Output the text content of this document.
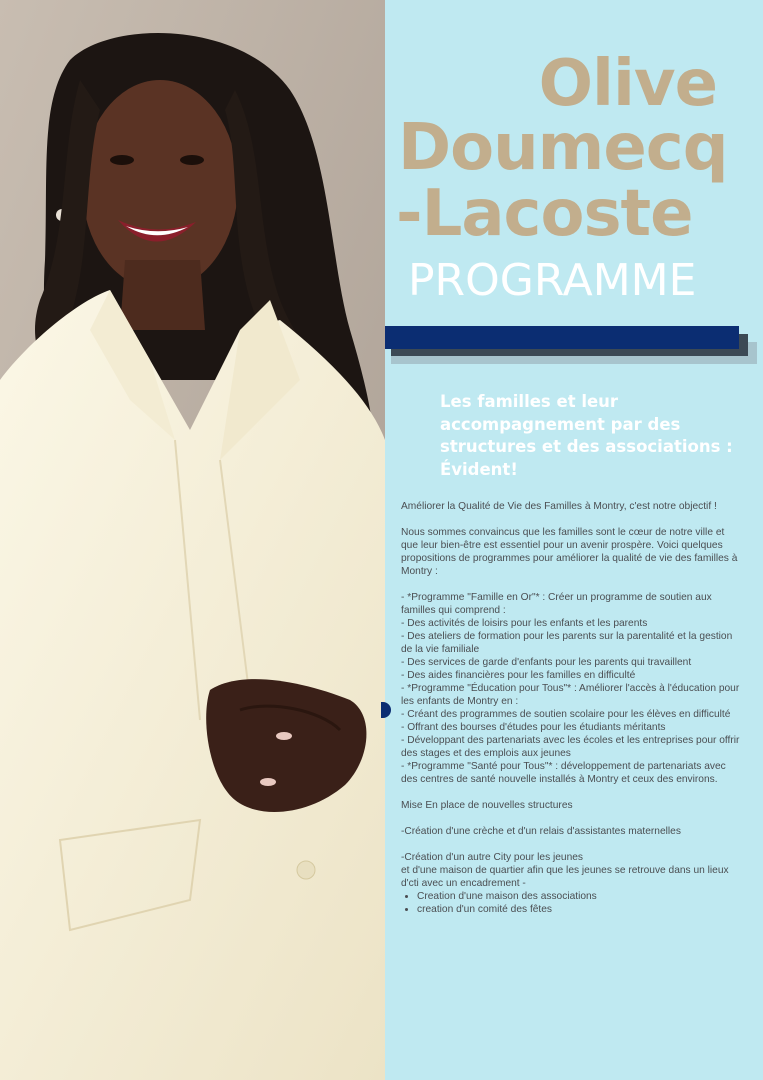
Olive
Doumecq
-Lacoste
PROGRAMME
Les familles et leur accompagnement par des structures et des associations : Évident!

Améliorer la Qualité de Vie des Familles à Montry, c'est notre objectif !

Nous sommes convaincus que les familles sont le cœur de notre ville et que leur bien-être est essentiel pour un avenir prospère. Voici quelques propositions de programmes pour améliorer la qualité de vie des familles à Montry :

- *Programme "Famille en Or"* : Créer un programme de soutien aux familles qui comprend :

- Des activités de loisirs pour les enfants et les parents

- Des ateliers de formation pour les parents sur la parentalité et la gestion de la vie familiale

- Des services de garde d'enfants pour les parents qui travaillent

- Des aides financières pour les familles en difficulté

- *Programme "Éducation pour Tous"* : Améliorer l'accès à l'éducation pour les enfants de Montry en :

- Créant des programmes de soutien scolaire pour les élèves en difficulté

- Offrant des bourses d'études pour les étudiants méritants

- Développant des partenariats avec les écoles et les entreprises pour offrir des stages et des emplois aux jeunes

- *Programme "Santé pour Tous"* : développement de partenariats avec des centres de santé nouvelle installés à Montry et ceux des environs.

Mise En place de nouvelles structures

-Création d'une crèche et d'un relais d'assistantes maternelles

-Création d'un autre City pour les jeunes

et d'une maison de quartier afin que les jeunes se retrouve dans un lieux d'cti avec un encadrement -

• Creation d'une maison des associations
• creation d'un comité des fêtes
